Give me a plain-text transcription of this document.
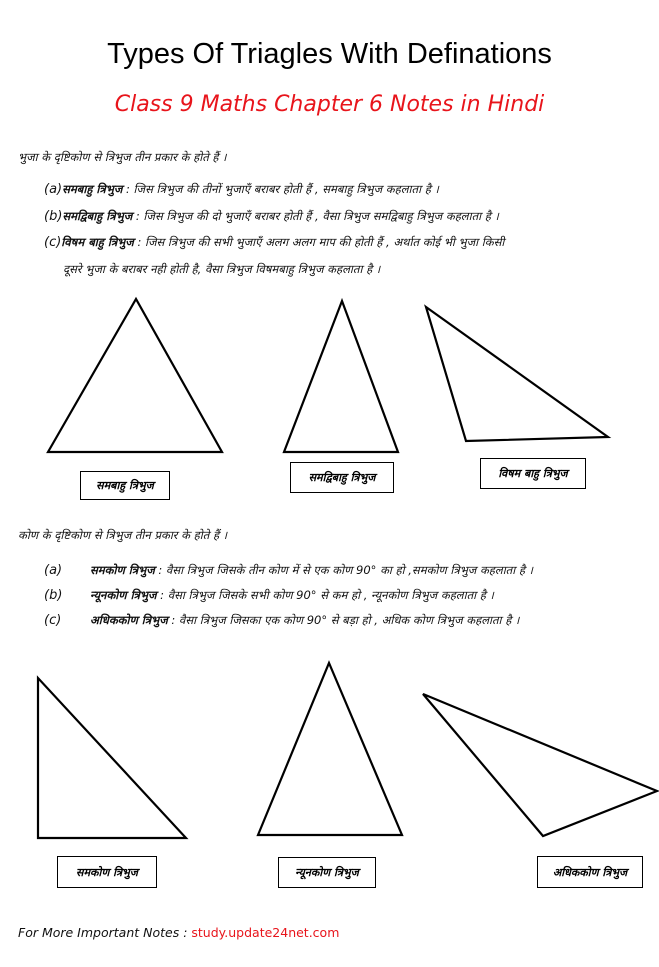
Types Of Triagles With Definations
Class 9 Maths Chapter 6 Notes in Hindi
भुजा के दृष्टिकोण से त्रिभुज तीन प्रकार के होते हैं ।
(a)समबाहु त्रिभुज : जिस त्रिभुज की तीनों भुजाएँ बराबर होती हैं , समबाहु त्रिभुज कहलाता है ।
(b)समद्विबाहु त्रिभुज : जिस त्रिभुज की दो भुजाएँ बराबर होती हैं , वैसा त्रिभुज समद्विबाहु त्रिभुज कहलाता है ।
(c)विषम बाहु त्रिभुज : जिस त्रिभुज की सभी भुजाएँ अलग अलग माप की होती हैं , अर्थात कोई भी भुजा किसी
दूसरे भुजा के बराबर नही होती है, वैसा त्रिभुज विषमबाहु त्रिभुज कहलाता है ।
कोण के दृष्टिकोण से त्रिभुज तीन प्रकार के होते हैं ।
(a) समकोण त्रिभुज : वैसा त्रिभुज जिसके तीन कोण में से एक कोण 90° का हो ,समकोण त्रिभुज कहलाता है ।
(b) न्यूनकोण त्रिभुज : वैसा त्रिभुज जिसके सभी कोण 90° से कम हो , न्यूनकोण त्रिभुज कहलाता है ।
(c) अधिककोण त्रिभुज : वैसा त्रिभुज जिसका एक कोण 90° से बड़ा हो , अधिक कोण त्रिभुज कहलाता है ।
समबाहु त्रिभुज
समद्विबाहु त्रिभुज	विषम बाहु त्रिभुज
समकोण त्रिभुज	न्यूनकोण त्रिभुज	अधिककोण त्रिभुज
For More Important Notes : study.update24net.com
